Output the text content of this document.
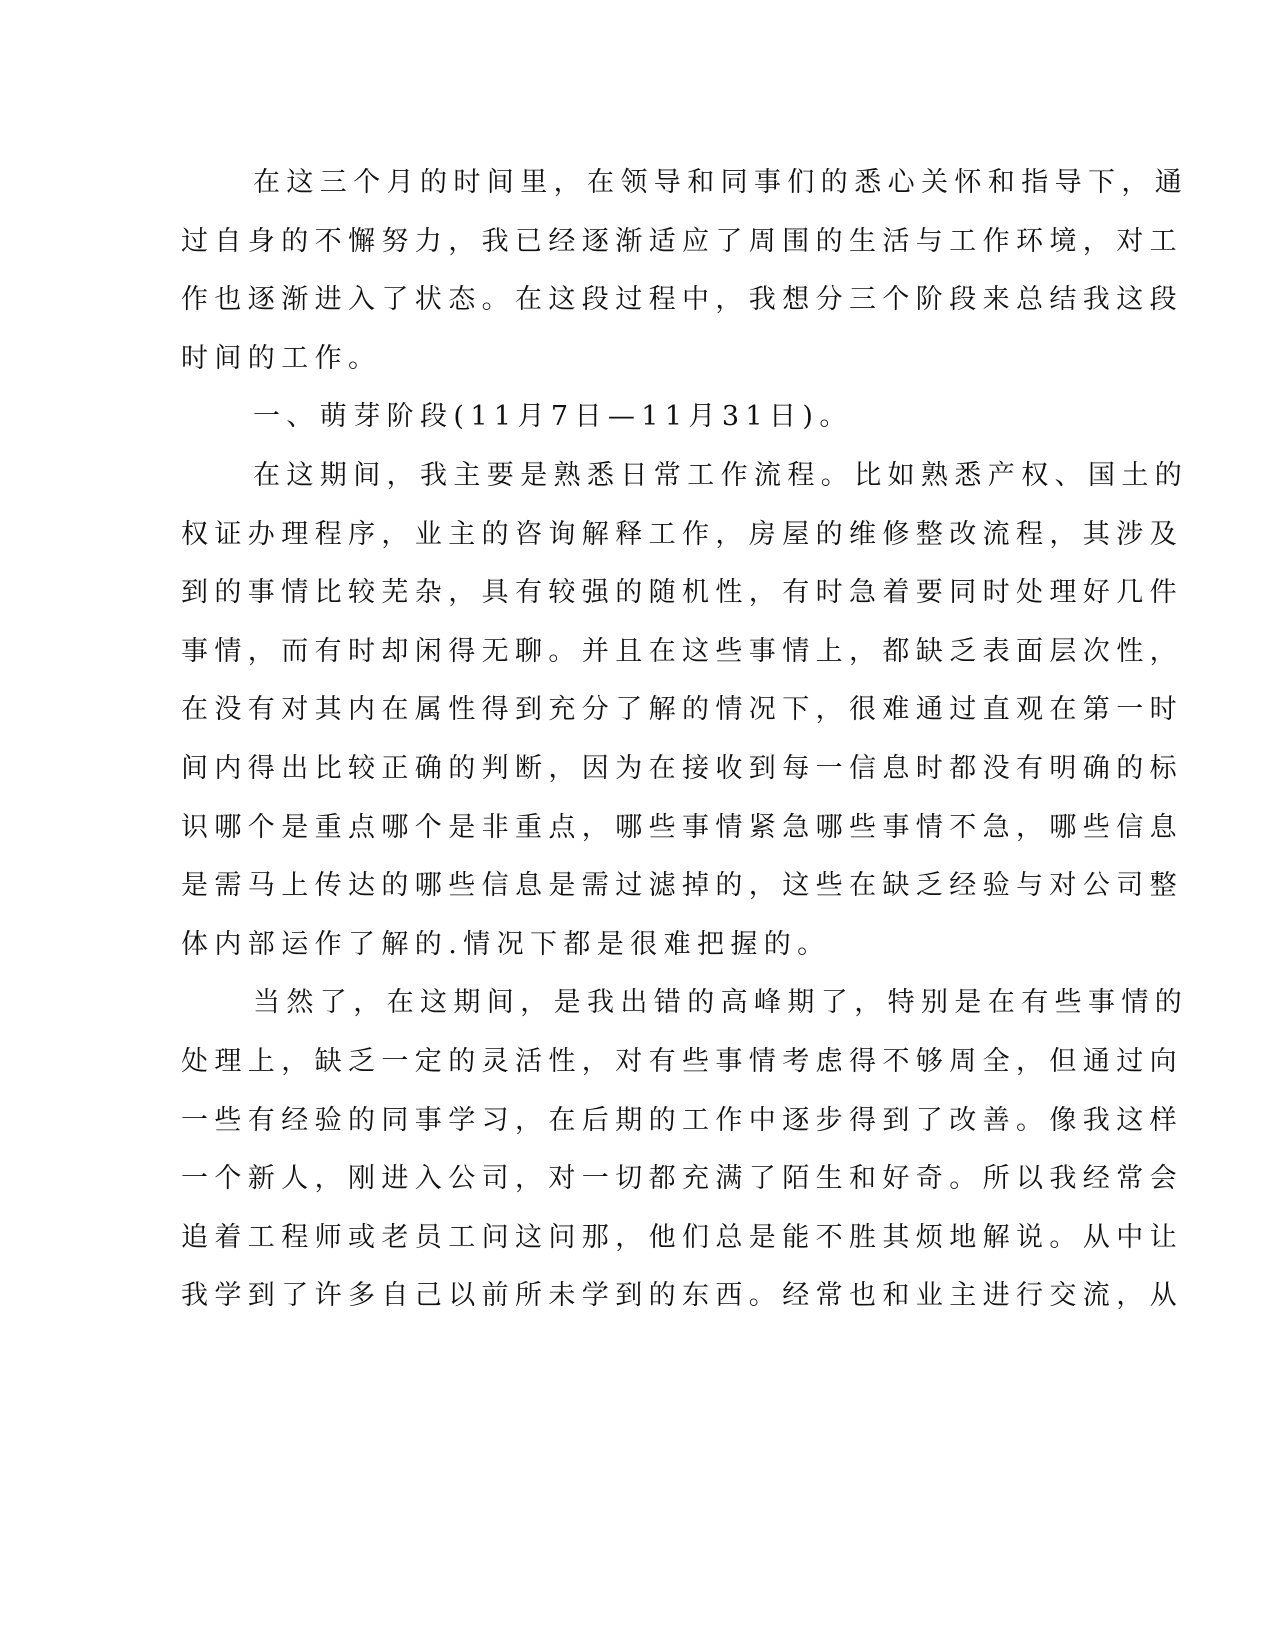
在这三个月的时间里，在领导和同事们的悉心关怀和指导下，通
过自身的不懈努力，我已经逐渐适应了周围的生活与工作环境，对工
作也逐渐进入了状态。在这段过程中，我想分三个阶段来总结我这段
时间的工作。
一、萌芽阶段(11月7日—11月31日)。
在这期间，我主要是熟悉日常工作流程。比如熟悉产权、国土的
权证办理程序，业主的咨询解释工作，房屋的维修整改流程，其涉及
到的事情比较芜杂，具有较强的随机性，有时急着要同时处理好几件
事情，而有时却闲得无聊。并且在这些事情上，都缺乏表面层次性，
在没有对其内在属性得到充分了解的情况下，很难通过直观在第一时
间内得出比较正确的判断，因为在接收到每一信息时都没有明确的标
识哪个是重点哪个是非重点，哪些事情紧急哪些事情不急，哪些信息
是需马上传达的哪些信息是需过滤掉的，这些在缺乏经验与对公司整
体内部运作了解的.情况下都是很难把握的。
当然了，在这期间，是我出错的高峰期了，特别是在有些事情的
处理上，缺乏一定的灵活性，对有些事情考虑得不够周全，但通过向
一些有经验的同事学习，在后期的工作中逐步得到了改善。像我这样
一个新人，刚进入公司，对一切都充满了陌生和好奇。所以我经常会
追着工程师或老员工问这问那，他们总是能不胜其烦地解说。从中让
我学到了许多自己以前所未学到的东西。经常也和业主进行交流，从
